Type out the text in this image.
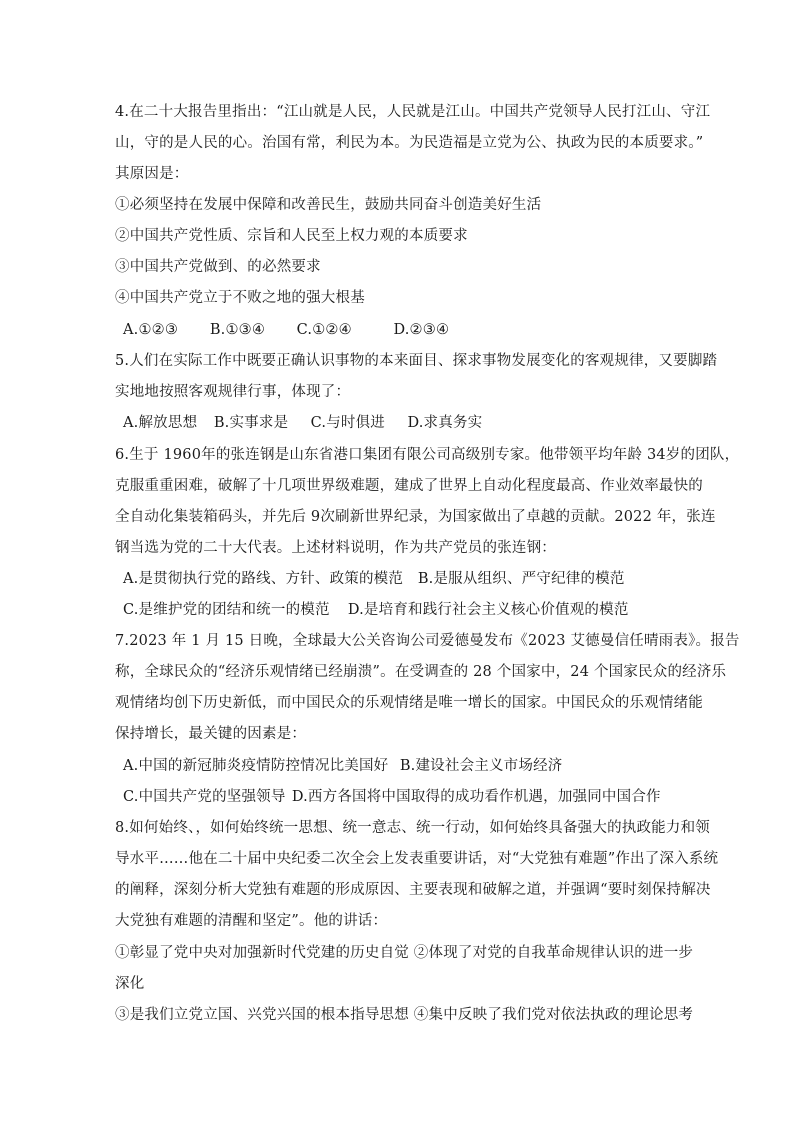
4.在二十大报告里指出：“江山就是人民，人民就是江山。中国共产党领导人民打江山、守江
山，守的是人民的心。治国有常，利民为本。为民造福是立党为公、执政为民的本质要求。”
其原因是：
①必须坚持在发展中保障和改善民生，鼓励共同奋斗创造美好生活
②中国共产党性质、宗旨和人民至上权力观的本质要求
③中国共产党做到、的必然要求
④中国共产党立于不败之地的强大根基
A.①②③ B.①③④ C.①②④	D.②③④
5.人们在实际工作中既要正确认识事物的本来面目、探求事物发展变化的客观规律，又要脚踏
实地地按照客观规律行事，体现了：
A.解放思想 B.实事求是 C.与时俱进 D.求真务实
6.生于 1960年的张连钢是山东省港口集团有限公司高级别专家。他带领平均年龄 34岁的团队，
克服重重困难，破解了十几项世界级难题，建成了世界上自动化程度最高、作业效率最快的
全自动化集装箱码头，并先后 9次刷新世界纪录，为国家做出了卓越的贡献。2022 年，张连
钢当选为党的二十大代表。上述材料说明，作为共产党员的张连钢：
A.是贯彻执行党的路线、方针、政策的模范 B.是服从组织、严守纪律的模范
C.是维护党的团结和统一的模范 D.是培育和践行社会主义核心价值观的模范
7.2023 年 1 月 15 日晚，全球最大公关咨询公司爱德曼发布《2023 艾德曼信任晴雨表》。报告
称，全球民众的“经济乐观情绪已经崩溃”。在受调查的 28 个国家中，24 个国家民众的经济乐
观情绪均创下历史新低，而中国民众的乐观情绪是唯一增长的国家。中国民众的乐观情绪能
保持增长，最关键的因素是：
A.中国的新冠肺炎疫情防控情况比美国好 B.建设社会主义市场经济
C.中国共产党的坚强领导 D.西方各国将中国取得的成功看作机遇，加强同中国合作
8.如何始终、，如何始终统一思想、统一意志、统一行动，如何始终具备强大的执政能力和领
导水平……他在二十届中央纪委二次全会上发表重要讲话，对“大党独有难题”作出了深入系统
的阐释，深刻分析大党独有难题的形成原因、主要表现和破解之道，并强调“要时刻保持解决
大党独有难题的清醒和坚定”。他的讲话：
①彰显了党中央对加强新时代党建的历史自觉 ②体现了对党的自我革命规律认识的进一步
深化
③是我们立党立国、兴党兴国的根本指导思想 ④集中反映了我们党对依法执政的理论思考
